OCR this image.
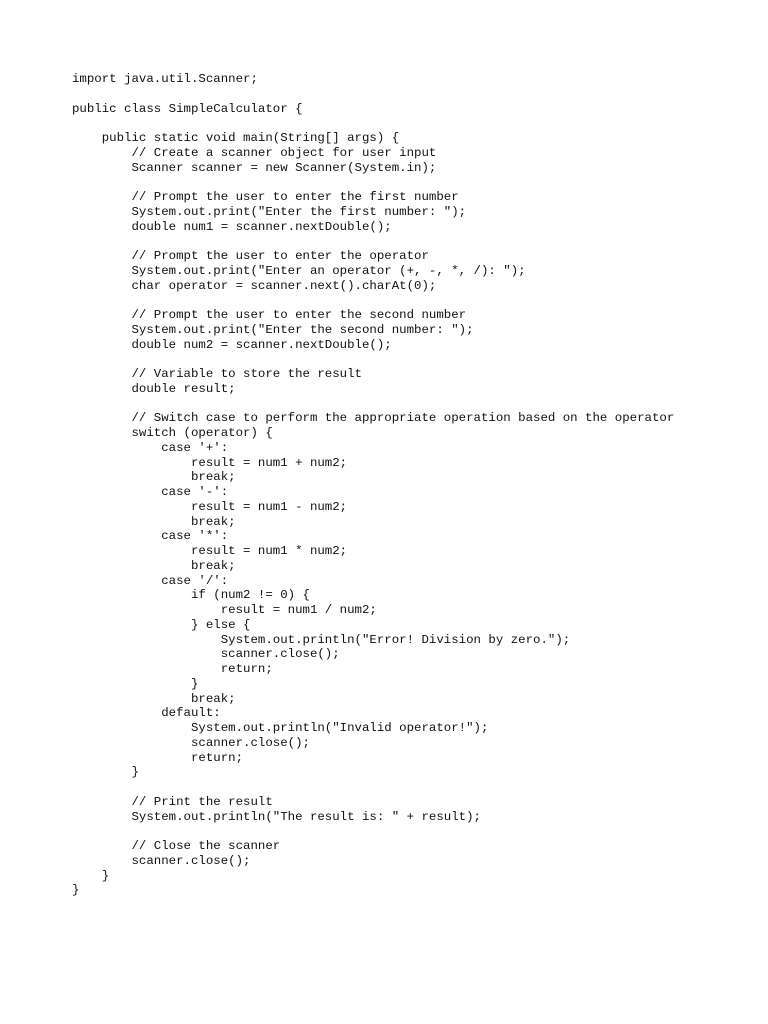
import java.util.Scanner;
public class SimpleCalculator {
public static void main(String[] args) {
// Create a scanner object for user input
Scanner scanner = new Scanner(System.in);
// Prompt the user to enter the first number
System.out.print("Enter the first number: ");
double num1 = scanner.nextDouble();
// Prompt the user to enter the operator
System.out.print("Enter an operator (+, -, *, /): ");
char operator = scanner.next().charAt(0);
// Prompt the user to enter the second number
System.out.print("Enter the second number: ");
double num2 = scanner.nextDouble();
// Variable to store the result
double result;
// Switch case to perform the appropriate operation based on the operator
switch (operator) {
case '+':
result = num1 + num2;
break;
case '-':
result = num1 - num2;
break;
case '*':
result = num1 * num2;
break;
case '/':
if (num2 != 0) {
result = num1 / num2;
} else {
System.out.println("Error! Division by zero.");
scanner.close();
return;
}
break;
default:
System.out.println("Invalid operator!");
scanner.close();
return;
}
// Print the result
System.out.println("The result is: " + result);
// Close the scanner
scanner.close();
}
}
